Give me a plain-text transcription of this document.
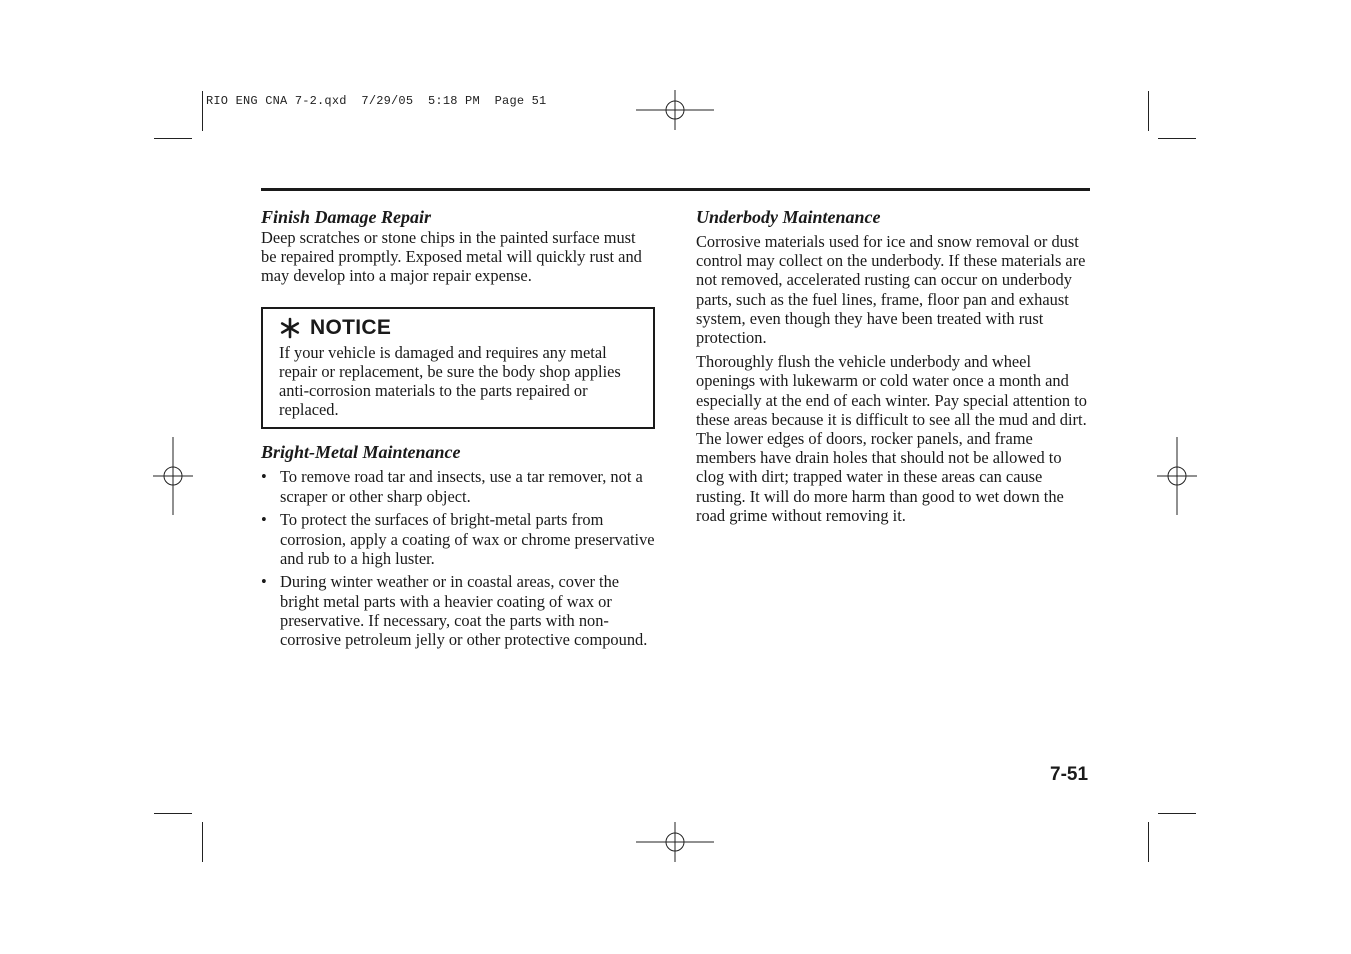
RIO ENG CNA 7-2.qxd  7/29/05  5:18 PM  Page 51
Finish Damage Repair

Deep scratches or stone chips in the painted surface must be repaired promptly. Exposed metal will quickly rust and may develop into a major repair expense.

NOTICE

If your vehicle is damaged and requires any metal repair or replacement, be sure the body shop applies anti-corrosion materials to the parts repaired or replaced.

Bright-Metal Maintenance
• To remove road tar and insects, use a tar remover, not a scraper or other sharp object.
• To protect the surfaces of bright-metal parts from corrosion, apply a coating of wax or chrome preservative and rub to a high luster.
• During winter weather or in coastal areas, cover the bright metal parts with a heavier coating of wax or preservative. If necessary, coat the parts with non-corrosive petroleum jelly or other protective compound.
Underbody Maintenance

Corrosive materials used for ice and snow removal or dust control may collect on the underbody. If these materials are not removed, accelerated rusting can occur on underbody parts, such as the fuel lines, frame, floor pan and exhaust system, even though they have been treated with rust protection.

Thoroughly flush the vehicle underbody and wheel openings with lukewarm or cold water once a month and especially at the end of each winter. Pay special attention to these areas because it is difficult to see all the mud and dirt. The lower edges of doors, rocker panels, and frame members have drain holes that should not be allowed to clog with dirt; trapped water in these areas can cause rusting. It will do more harm than good to wet down the road grime without removing it.

7-51
